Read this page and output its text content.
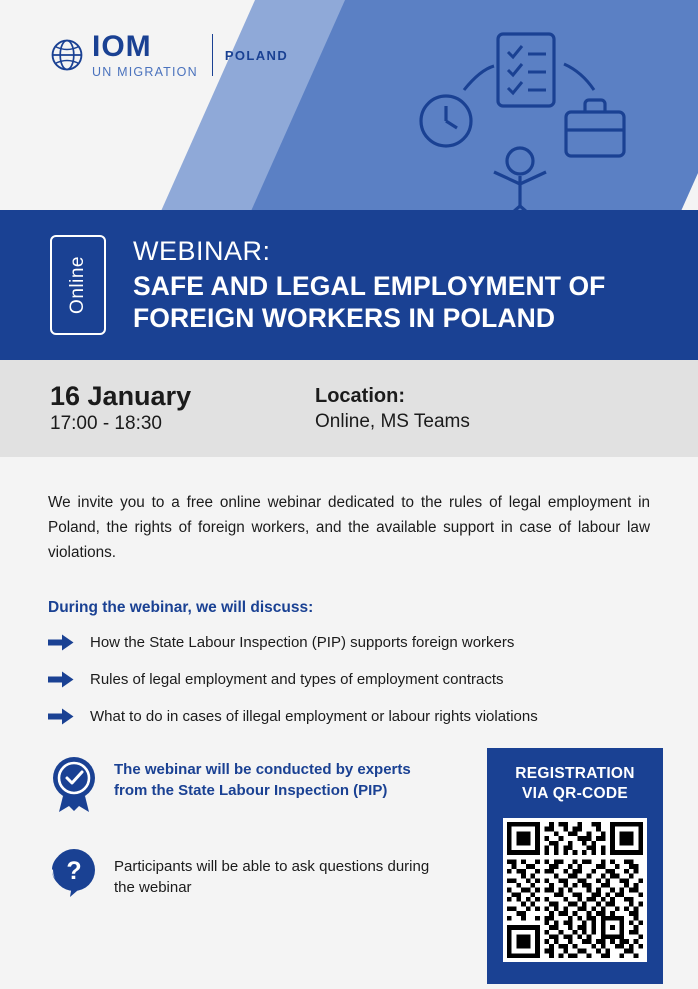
IOM
UN MIGRATION
POLAND
Online
WEBINAR:
SAFE AND LEGAL EMPLOYMENT OF
FOREIGN WORKERS IN POLAND
16 January
17:00 - 18:30
Location:
Online, MS Teams

We invite you to a free online webinar dedicated to the rules of legal employment in Poland, the rights of foreign workers, and the available support in case of labour law violations.

During the webinar, we will discuss:
How the State Labour Inspection (PIP) supports foreign workers
Rules of legal employment and types of employment contracts
What to do in cases of illegal employment or labour rights violations
The webinar will be conducted by experts from the State Labour Inspection (PIP)
? Participants will be able to ask questions during the webinar
REGISTRATION
VIA QR-CODE
